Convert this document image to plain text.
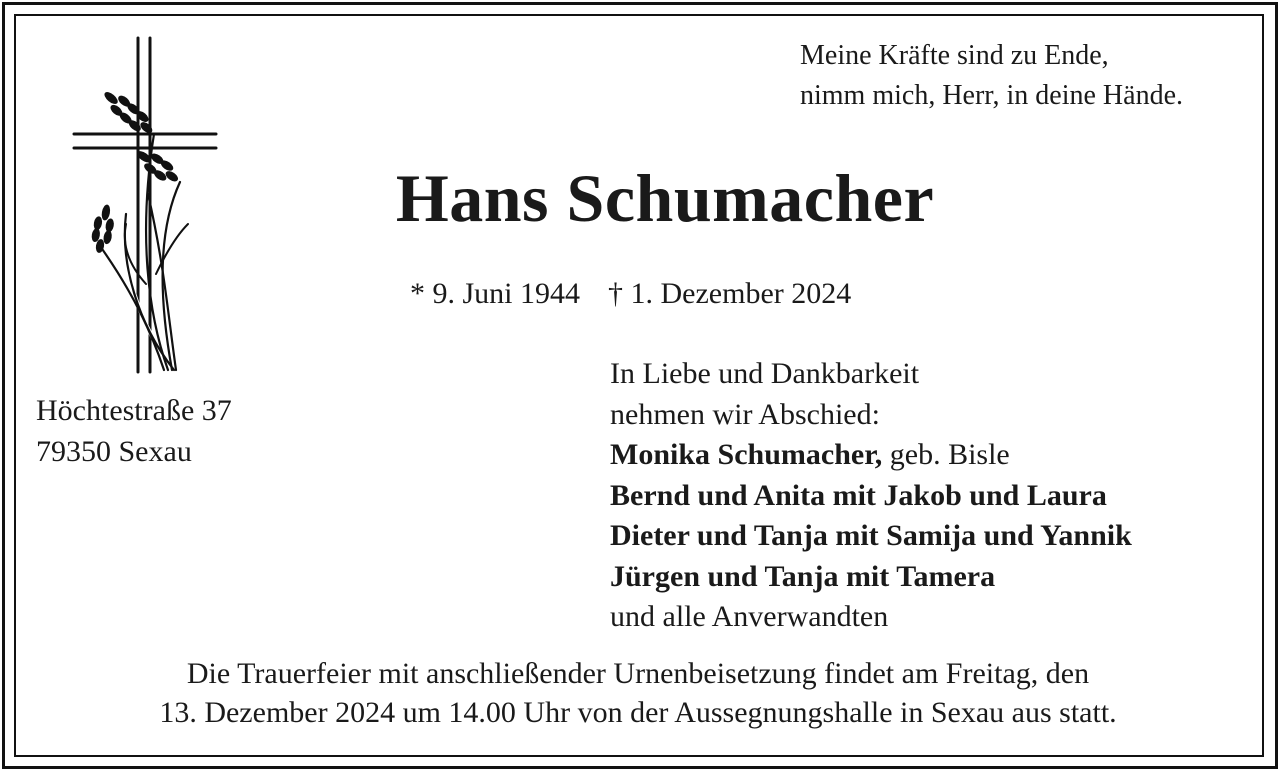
Meine Kräfte sind zu Ende,
nimm mich, Herr, in deine Hände.
Hans Schumacher
* 9. Juni 1944 † 1. Dezember 2024
Höchtestraße 37
79350 Sexau
In Liebe und Dankbarkeit
nehmen wir Abschied:
Monika Schumacher, geb. Bisle
Bernd und Anita mit Jakob und Laura
Dieter und Tanja mit Samija und Yannik
Jürgen und Tanja mit Tamera
und alle Anverwandten
Die Trauerfeier mit anschließender Urnenbeisetzung findet am Freitag, den
13. Dezember 2024 um 14.00 Uhr von der Aussegnungshalle in Sexau aus statt.
